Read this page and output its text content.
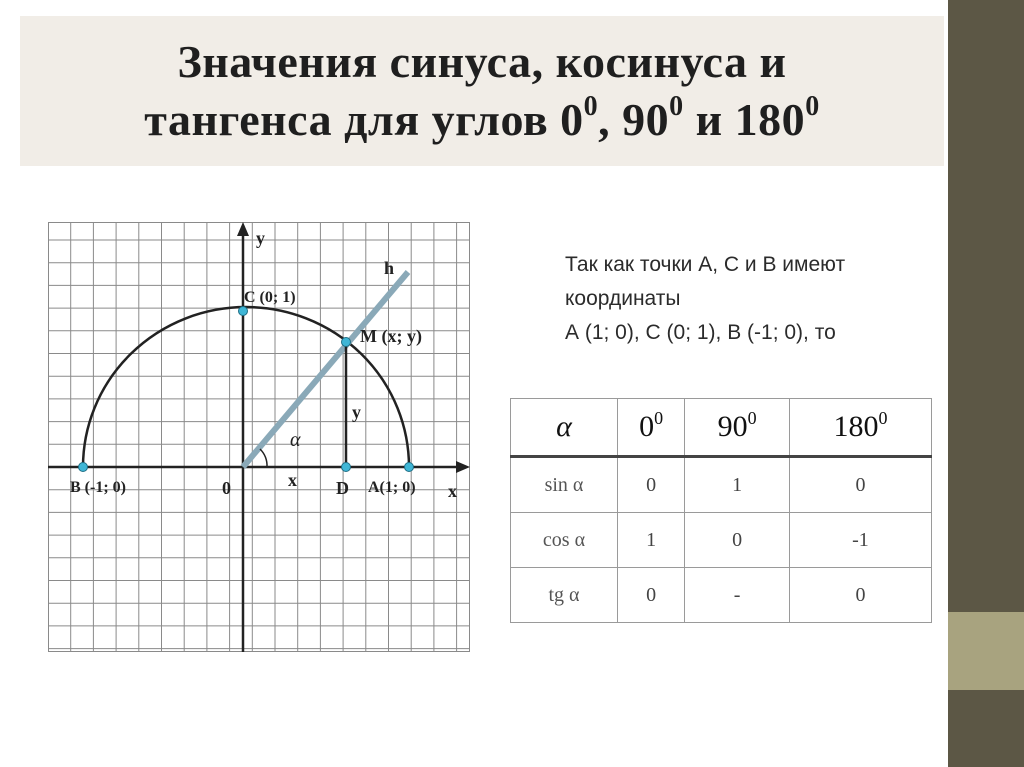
Значения синуса, косинуса и
тангенса для углов $0^0$, $90^0$ и $180^0$
y
h
C (0; 1)
M (x; y)
y
α
x
B (-1; 0)	0	D A(1; 0) x
Так как точки А, С и В имеют
координаты
А (1; 0), С (0; 1), В (-1; 0), то
α	$0^0$	$90^0$	$180^0$
sin α	0	1	0
cos α	1	0	-1
tg α	0	-	0
